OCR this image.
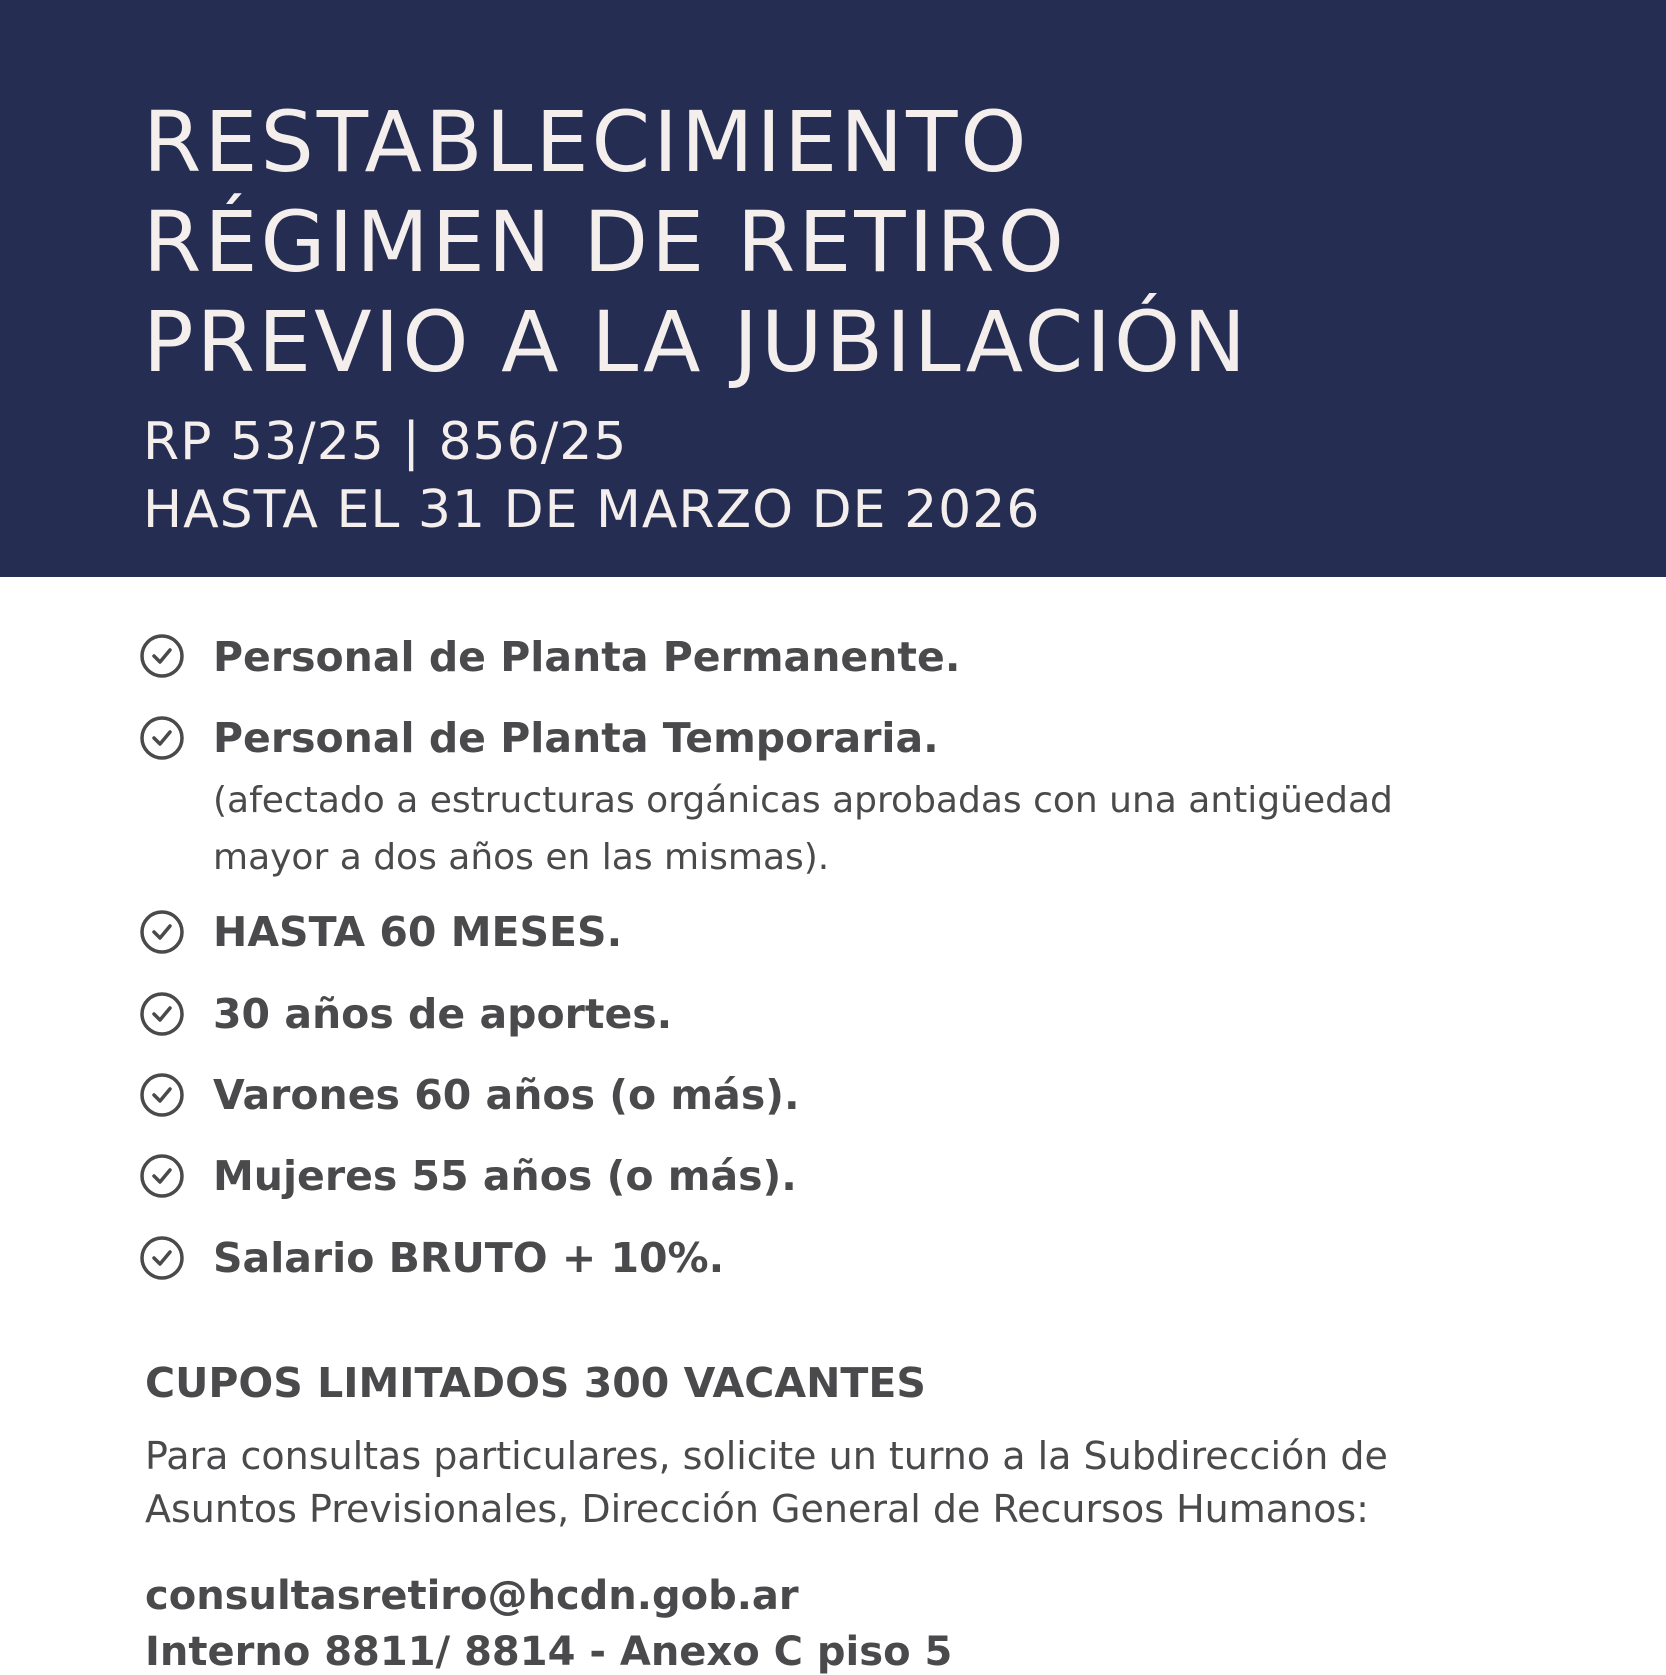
RESTABLECIMIENTO
RÉGIMEN DE RETIRO
PREVIO A LA JUBILACIÓN
RP 53/25 | 856/25
HASTA EL 31 DE MARZO DE 2026
Personal de Planta Permanente.
Personal de Planta Temporaria.
(afectado a estructuras orgánicas aprobadas con una antigüedad
mayor a dos años en las mismas).
HASTA 60 MESES.
30 años de aportes.
Varones 60 años (o más).
Mujeres 55 años (o más).
Salario BRUTO + 10%.
CUPOS LIMITADOS 300 VACANTES
Para consultas particulares, solicite un turno a la Subdirección de
Asuntos Previsionales, Dirección General de Recursos Humanos:
consultasretiro@hcdn.gob.ar
Interno 8811/ 8814 - Anexo C piso 5
